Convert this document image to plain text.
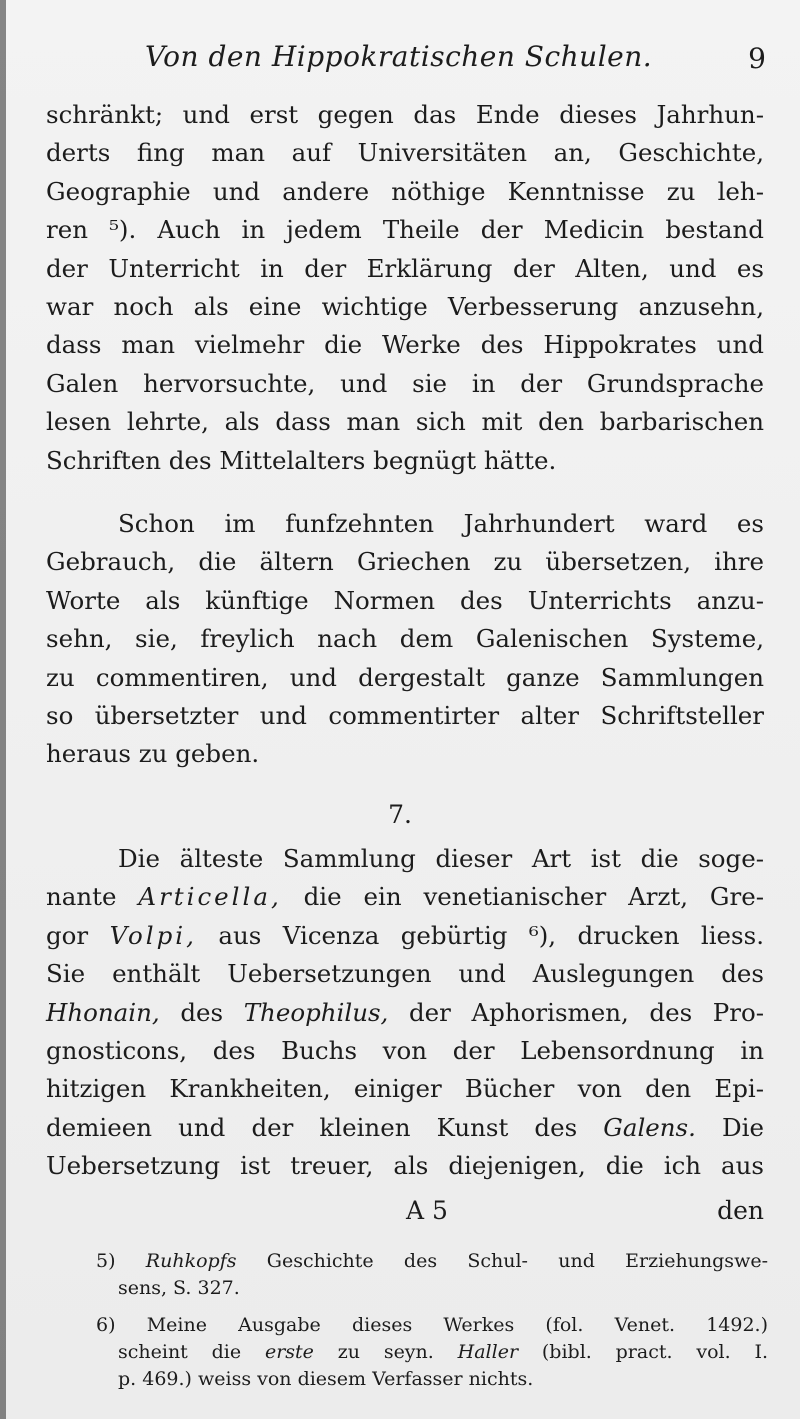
Von den Hippokratischen Schulen.	9
schränkt; und erst gegen das Ende dieses Jahrhun-
derts fing man auf Universitäten an, Geschichte,
Geographie und andere nöthige Kenntnisse zu leh-
ren ⁵). Auch in jedem Theile der Medicin bestand
der Unterricht in der Erklärung der Alten, und es
war noch als eine wichtige Verbesserung anzusehn,
dass man vielmehr die Werke des Hippokrates und
Galen hervorsuchte, und sie in der Grundsprache
lesen lehrte, als dass man sich mit den barbarischen
Schriften des Mittelalters begnügt hätte.
Schon im funfzehnten Jahrhundert ward es
Gebrauch, die ältern Griechen zu übersetzen, ihre
Worte als künftige Normen des Unterrichts anzu-
sehn, sie, freylich nach dem Galenischen Systeme,
zu commentiren, und dergestalt ganze Sammlungen
so übersetzter und commentirter alter Schriftsteller
heraus zu geben.
7.
Die älteste Sammlung dieser Art ist die soge-
nante Articella, die ein venetianischer Arzt, Gre-
gor Volpi, aus Vicenza gebürtig ⁶), drucken liess.
Sie enthält Uebersetzungen und Auslegungen des
Hhonain, des Theophilus, der Aphorismen, des Pro-
gnosticons, des Buchs von der Lebensordnung in
hitzigen Krankheiten, einiger Bücher von den Epi-
demieen und der kleinen Kunst des Galens. Die
Uebersetzung ist treuer, als diejenigen, die ich aus
A 5	den
5) Ruhkopfs Geschichte des Schul- und Erziehungswe-
sens, S. 327.
6) Meine Ausgabe dieses Werkes (fol. Venet. 1492.)
scheint die erste zu seyn. Haller (bibl. pract. vol. I.
p. 469.) weiss von diesem Verfasser nichts.
